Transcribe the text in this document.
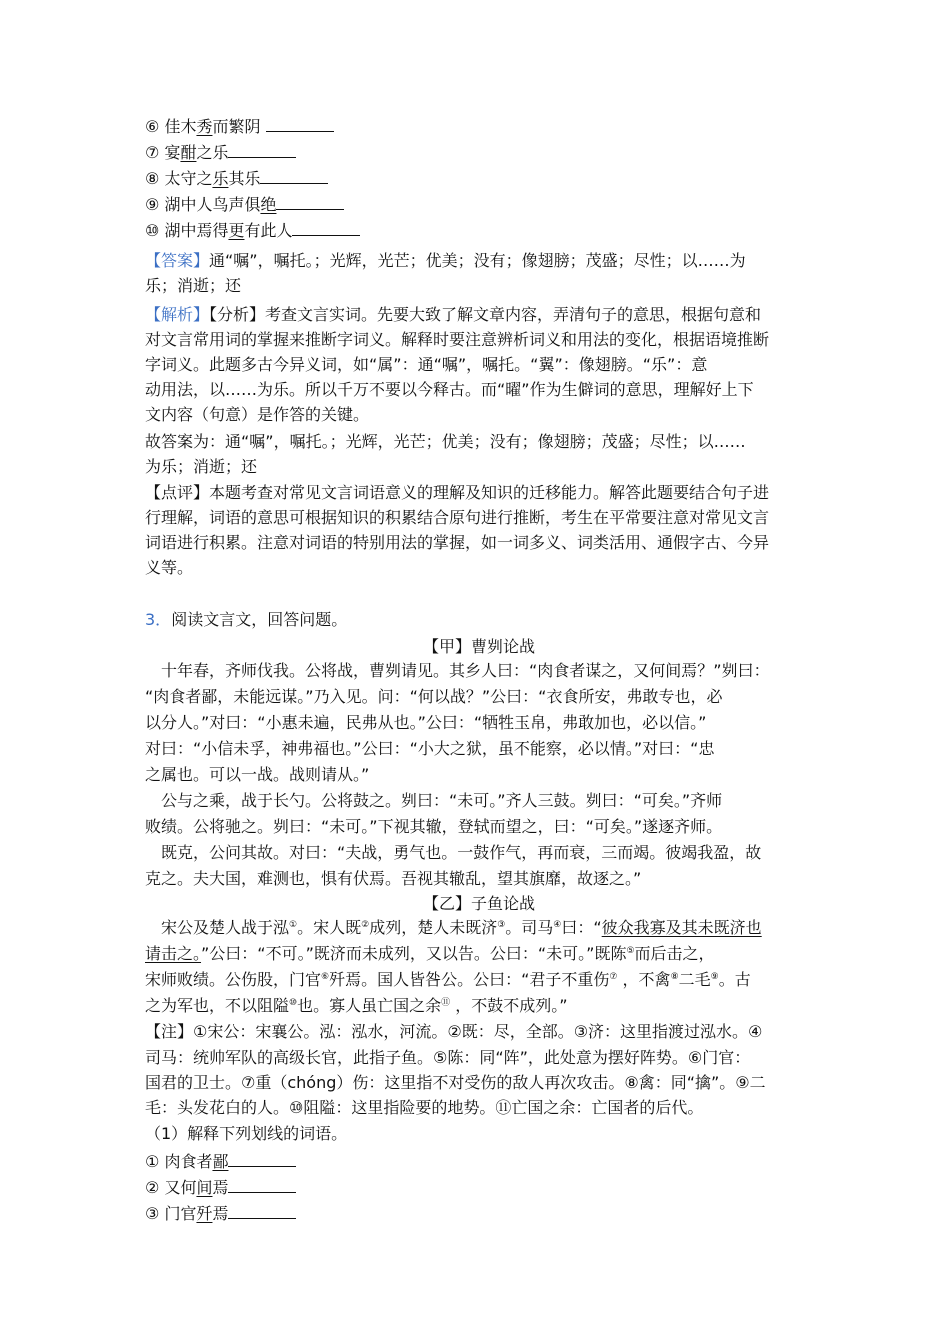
⑥ 佳木秀而繁阴
⑦ 宴酣之乐
⑧ 太守之乐其乐
⑨ 湖中人鸟声俱绝
⑩ 湖中焉得更有此人
【答案】通“嘱”，嘱托。；光辉，光芒；优美；没有；像翅膀；茂盛；尽性；以……为
乐；消逝；还
【解析】【分析】考查文言实词。先要大致了解文章内容，弄清句子的意思，根据句意和
对文言常用词的掌握来推断字词义。解释时要注意辨析词义和用法的变化，根据语境推断
字词义。此题多古今异义词，如“属”：通“嘱”，嘱托。“翼”：像翅膀。“乐”：意
动用法，以……为乐。所以千万不要以今释古。而“曜”作为生僻词的意思，理解好上下
文内容（句意）是作答的关键。
故答案为：通“嘱”，嘱托。；光辉，光芒；优美；没有；像翅膀；茂盛；尽性；以……
为乐；消逝；还
【点评】本题考查对常见文言词语意义的理解及知识的迁移能力。解答此题要结合句子进
行理解，词语的意思可根据知识的积累结合原句进行推断，考生在平常要注意对常见文言
词语进行积累。注意对词语的特别用法的掌握，如一词多义、词类活用、通假字古、今异
义等。
3．阅读文言文，回答问题。
【甲】曹刿论战
十年春，齐师伐我。公将战，曹刿请见。其乡人曰：“肉食者谋之，又何间焉？”刿曰：
“肉食者鄙，未能远谋。”乃入见。问：“何以战？”公曰：“衣食所安，弗敢专也，必
以分人。”对曰：“小惠未遍，民弗从也。”公曰：“牺牲玉帛，弗敢加也，必以信。”
对曰：“小信未孚，神弗福也。”公曰：“小大之狱，虽不能察，必以情。”对曰：“忠
之属也。可以一战。战则请从。”
公与之乘，战于长勺。公将鼓之。刿曰：“未可。”齐人三鼓。刿曰：“可矣。”齐师
败绩。公将驰之。刿曰：“未可。”下视其辙，登轼而望之，曰：“可矣。”遂逐齐师。
既克，公问其故。对曰：“夫战，勇气也。一鼓作气，再而衰，三而竭。彼竭我盈，故
克之。夫大国，难测也，惧有伏焉。吾视其辙乱，望其旗靡，故逐之。”
【乙】子鱼论战
宋公及楚人战于泓①。宋人既②成列，楚人未既济③。司马④曰：“彼众我寡及其未既济也
请击之。”公曰：“不可。”既济而未成列，又以告。公曰：“未可。”既陈⑤而后击之，
宋师败绩。公伤股，门官⑥歼焉。国人皆咎公。公曰：“君子不重伤⑦ ，不禽⑧二毛⑨。古
之为军也，不以阻隘⑩也。寡人虽亡国之余⑪ ，不鼓不成列。”
【注】①宋公：宋襄公。泓：泓水，河流。②既：尽，全部。③济：这里指渡过泓水。④
司马：统帅军队的高级长官，此指子鱼。⑤陈：同“阵”，此处意为摆好阵势。⑥门官：
国君的卫士。⑦重（chóng）伤：这里指不对受伤的敌人再次攻击。⑧禽：同“擒”。⑨二
毛：头发花白的人。⑩阻隘：这里指险要的地势。⑪亡国之余：亡国者的后代。
（1）解释下列划线的词语。
① 肉食者鄙
② 又何间焉
③ 门官歼焉
